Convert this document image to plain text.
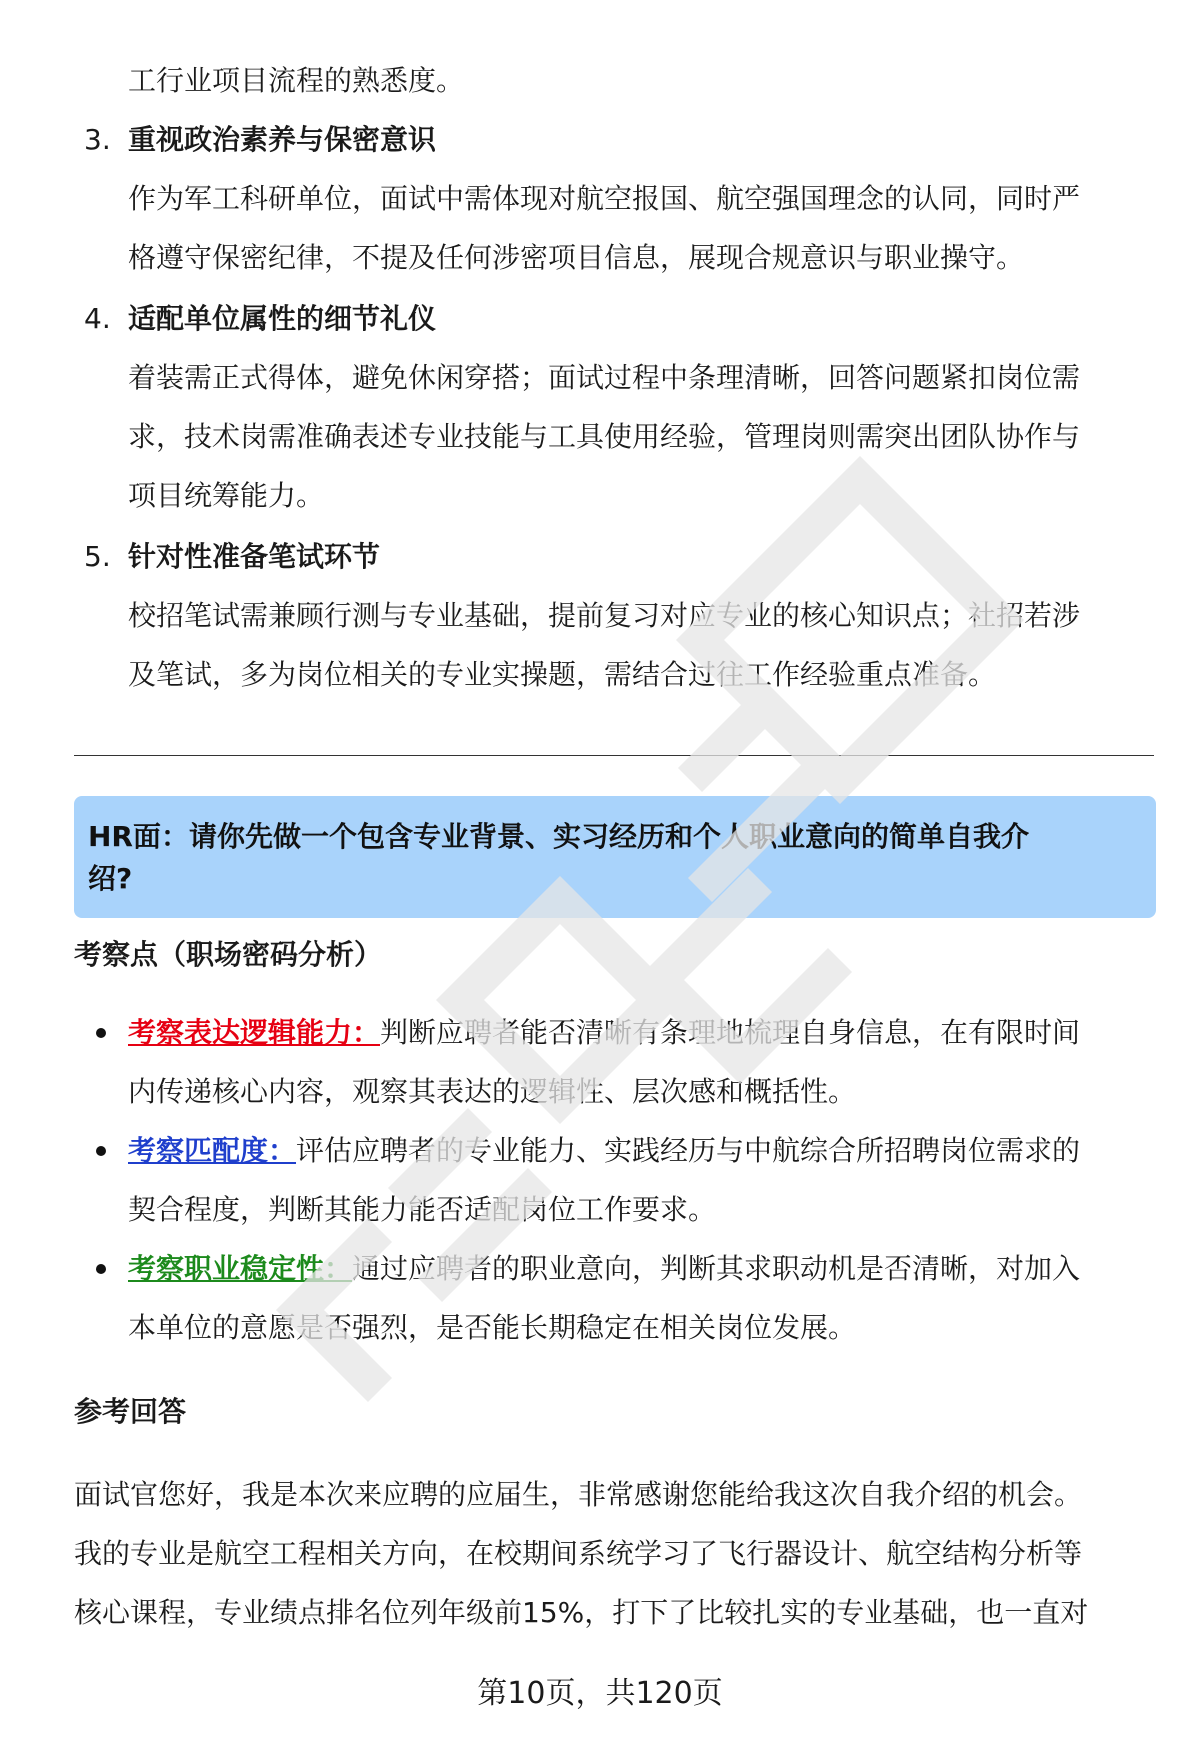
工行业项目流程的熟悉度。
3. 重视政治素养与保密意识
作为军工科研单位，面试中需体现对航空报国、航空强国理念的认同，同时严
格遵守保密纪律，不提及任何涉密项目信息，展现合规意识与职业操守。
4. 适配单位属性的细节礼仪
着装需正式得体，避免休闲穿搭；面试过程中条理清晰，回答问题紧扣岗位需
求，技术岗需准确表述专业技能与工具使用经验，管理岗则需突出团队协作与
项目统筹能力。
5. 针对性准备笔试环节
校招笔试需兼顾行测与专业基础，提前复习对应专业的核心知识点；社招若涉
及笔试，多为岗位相关的专业实操题，需结合过往工作经验重点准备。
HR面：请你先做一个包含专业背景、实习经历和个人职业意向的简单自我介
绍?
考察点（职场密码分析）
考察表达逻辑能力：判断应聘者能否清晰有条理地梳理自身信息，在有限时间
内传递核心内容，观察其表达的逻辑性、层次感和概括性。
考察匹配度：评估应聘者的专业能力、实践经历与中航综合所招聘岗位需求的
契合程度，判断其能力能否适配岗位工作要求。
考察职业稳定性：通过应聘者的职业意向，判断其求职动机是否清晰，对加入
本单位的意愿是否强烈，是否能长期稳定在相关岗位发展。
参考回答
面试官您好，我是本次来应聘的应届生，非常感谢您能给我这次自我介绍的机会。
我的专业是航空工程相关方向，在校期间系统学习了飞行器设计、航空结构分析等
核心课程，专业绩点排名位列年级前15%，打下了比较扎实的专业基础，也一直对
第10页，共120页
